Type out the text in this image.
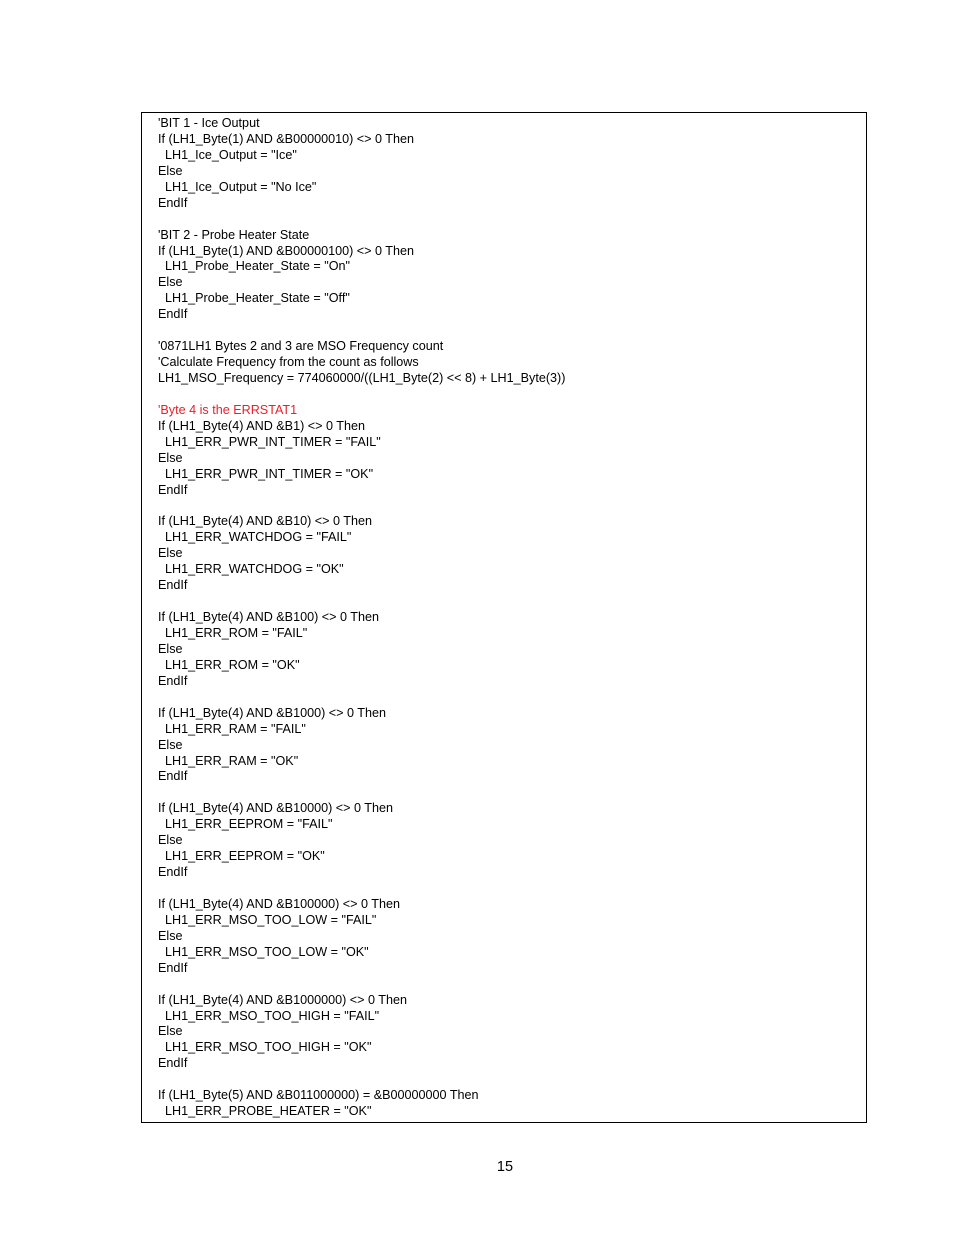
'BIT 1 - Ice Output
If (LH1_Byte(1) AND &B00000010) <> 0 Then
LH1_Ice_Output = "Ice"
Else
LH1_Ice_Output = "No Ice"
EndIf
'BIT 2 - Probe Heater State
If (LH1_Byte(1) AND &B00000100) <> 0 Then
LH1_Probe_Heater_State = "On"
Else
LH1_Probe_Heater_State = "Off"
EndIf
'0871LH1 Bytes 2 and 3 are MSO Frequency count
'Calculate Frequency from the count as follows
LH1_MSO_Frequency = 774060000/((LH1_Byte(2) << 8) + LH1_Byte(3))
'Byte 4 is the ERRSTAT1
If (LH1_Byte(4) AND &B1) <> 0 Then
LH1_ERR_PWR_INT_TIMER = "FAIL"
Else
LH1_ERR_PWR_INT_TIMER = "OK"
EndIf
If (LH1_Byte(4) AND &B10) <> 0 Then
LH1_ERR_WATCHDOG = "FAIL"
Else
LH1_ERR_WATCHDOG = "OK"
EndIf
If (LH1_Byte(4) AND &B100) <> 0 Then
LH1_ERR_ROM = "FAIL"
Else
LH1_ERR_ROM = "OK"
EndIf
If (LH1_Byte(4) AND &B1000) <> 0 Then
LH1_ERR_RAM = "FAIL"
Else
LH1_ERR_RAM = "OK"
EndIf
If (LH1_Byte(4) AND &B10000) <> 0 Then
LH1_ERR_EEPROM = "FAIL"
Else
LH1_ERR_EEPROM = "OK"
EndIf
If (LH1_Byte(4) AND &B100000) <> 0 Then
LH1_ERR_MSO_TOO_LOW = "FAIL"
Else
LH1_ERR_MSO_TOO_LOW = "OK"
EndIf
If (LH1_Byte(4) AND &B1000000) <> 0 Then
LH1_ERR_MSO_TOO_HIGH = "FAIL"
Else
LH1_ERR_MSO_TOO_HIGH = "OK"
EndIf
If (LH1_Byte(5) AND &B011000000) = &B00000000 Then
LH1_ERR_PROBE_HEATER = "OK"
15
